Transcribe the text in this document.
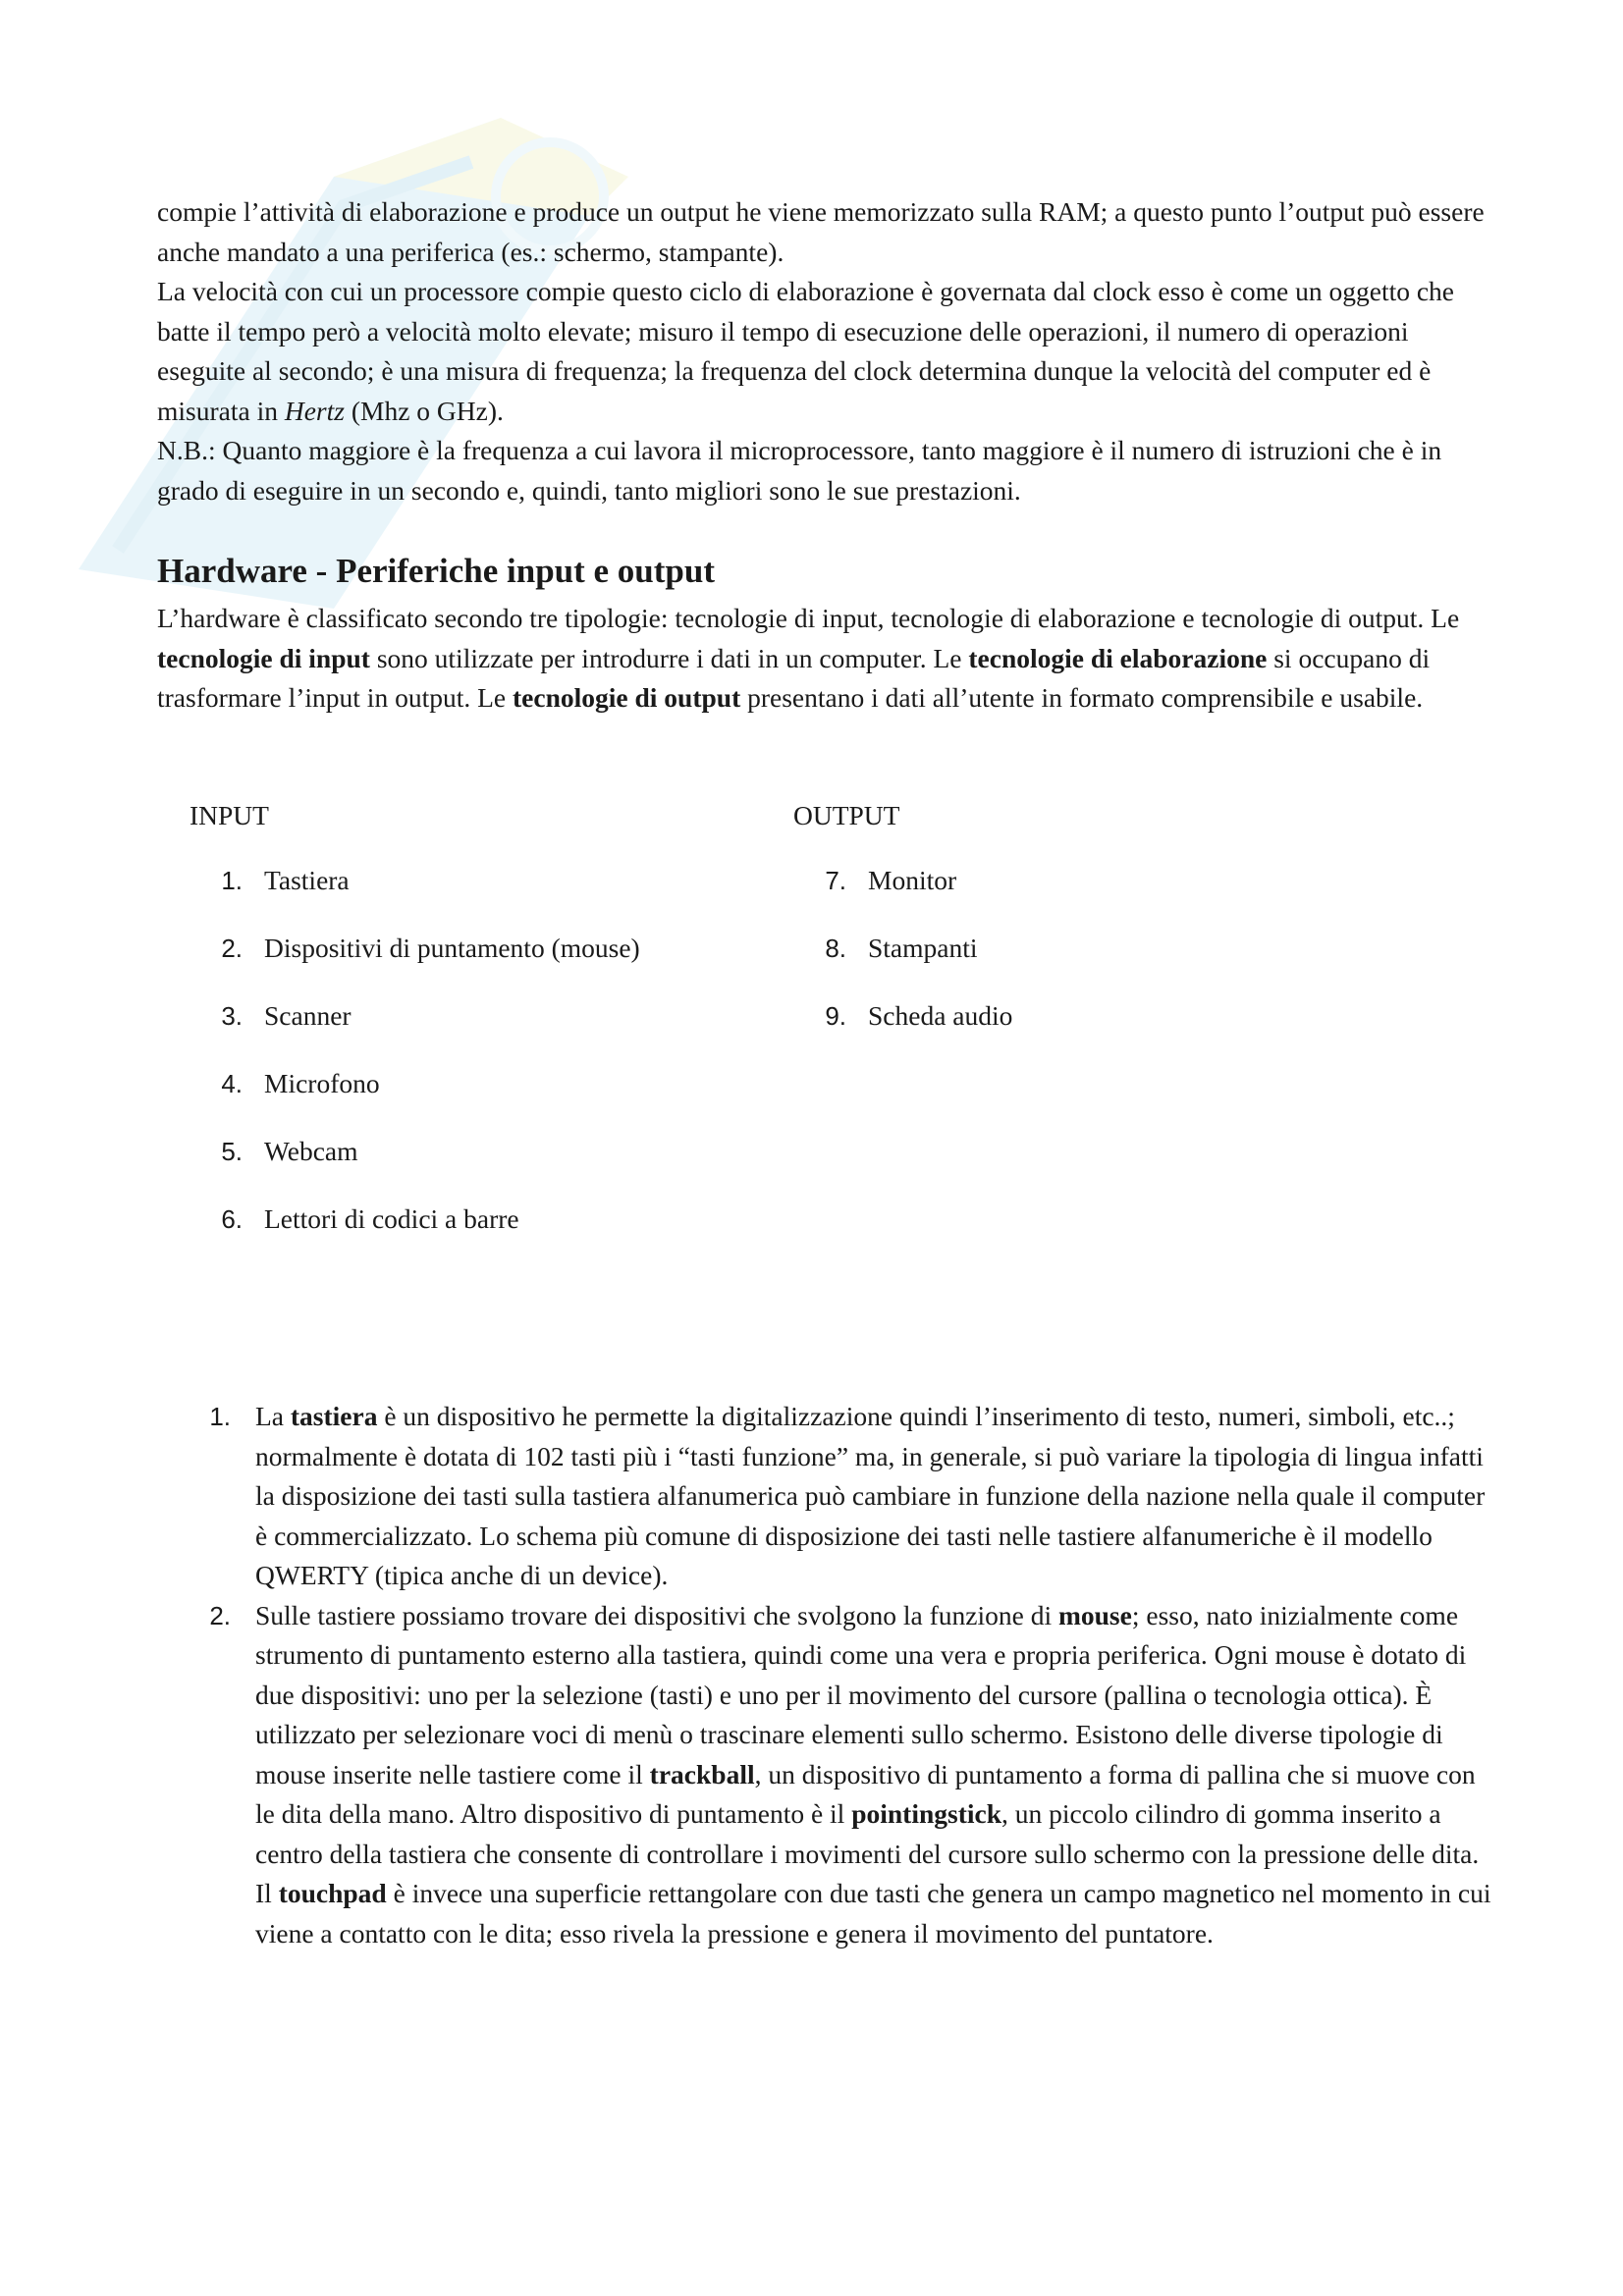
compie l’attività di elaborazione e produce un output he viene memorizzato sulla RAM; a questo punto l’output può essere anche mandato a una periferica (es.: schermo, stampante).

La velocità con cui un processore compie questo ciclo di elaborazione è governata dal clock esso è come un oggetto che batte il tempo però a velocità molto elevate; misuro il tempo di esecuzione delle operazioni, il numero di operazioni eseguite al secondo; è una misura di frequenza; la frequenza del clock determina dunque la velocità del computer ed è misurata in Hertz (Mhz o GHz).

N.B.: Quanto maggiore è la frequenza a cui lavora il microprocessore, tanto maggiore è il numero di istruzioni che è in grado di eseguire in un secondo e, quindi, tanto migliori sono le sue prestazioni.

Hardware - Periferiche input e output

L’hardware è classificato secondo tre tipologie: tecnologie di input, tecnologie di elaborazione e tecnologie di output. Le tecnologie di input sono utilizzate per introdurre i dati in un computer. Le tecnologie di elaborazione si occupano di trasformare l’input in output. Le tecnologie di output presentano i dati all’utente in formato comprensibile e usabile.

INPUT	OUTPUT
1. Tastiera
2. Dispositivi di puntamento (mouse)
3. Scanner
4. Microfono
5. Webcam
6. Lettori di codici a barre
7. Monitor
8. Stampanti
9. Scheda audio
1. La tastiera è un dispositivo he permette la digitalizzazione quindi l’inserimento di testo, numeri, simboli, etc..; normalmente è dotata di 102 tasti più i “tasti funzione” ma, in generale, si può variare la tipologia di lingua infatti la disposizione dei tasti sulla tastiera alfanumerica può cambiare in funzione della nazione nella quale il computer è commercializzato. Lo schema più comune di disposizione dei tasti nelle tastiere alfanumeriche è il modello QWERTY (tipica anche di un device).
2. Sulle tastiere possiamo trovare dei dispositivi che svolgono la funzione di mouse; esso, nato inizialmente come strumento di puntamento esterno alla tastiera, quindi come una vera e propria periferica. Ogni mouse è dotato di due dispositivi: uno per la selezione (tasti) e uno per il movimento del cursore (pallina o tecnologia ottica). È utilizzato per selezionare voci di menù o trascinare elementi sullo schermo. Esistono delle diverse tipologie di mouse inserite nelle tastiere come il trackball, un dispositivo di puntamento a forma di pallina che si muove con le dita della mano. Altro dispositivo di puntamento è il pointingstick, un piccolo cilindro di gomma inserito a centro della tastiera che consente di controllare i movimenti del cursore sullo schermo con la pressione delle dita. Il touchpad è invece una superficie rettangolare con due tasti che genera un campo magnetico nel momento in cui viene a contatto con le dita; esso rivela la pressione e genera il movimento del puntatore.
